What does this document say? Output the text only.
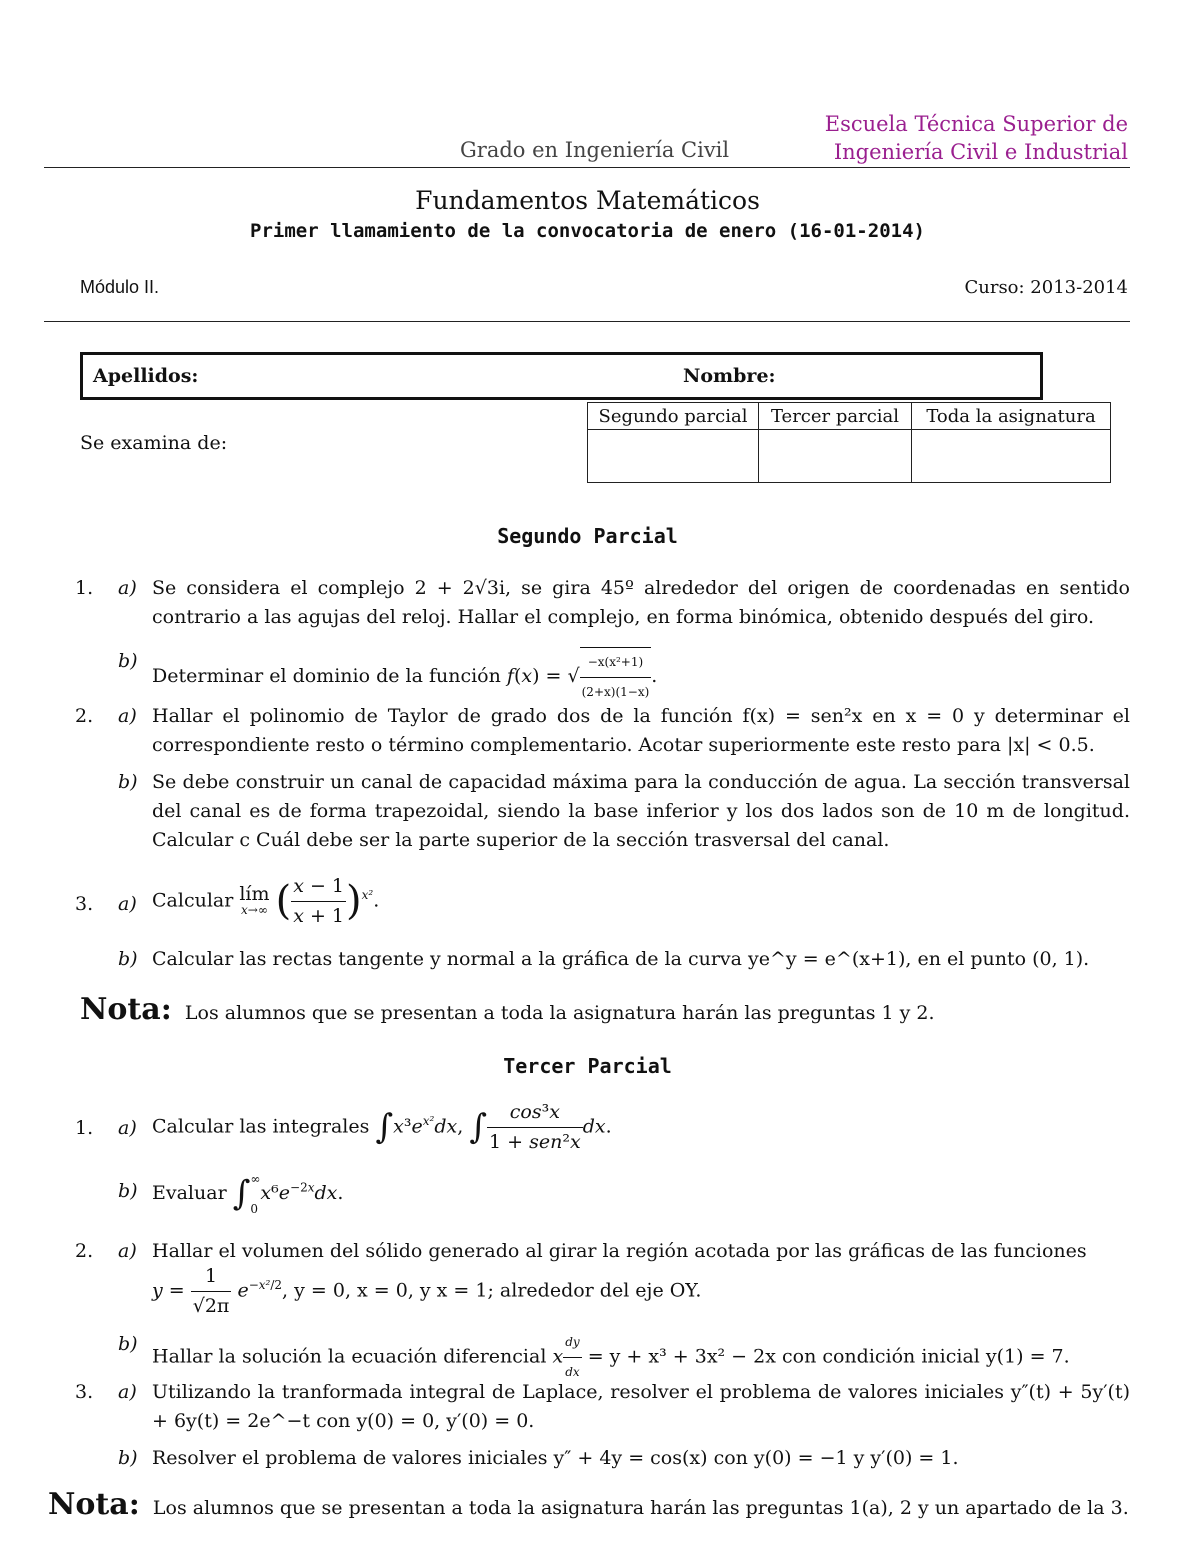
Grado en Ingeniería Civil
Escuela Técnica Superior de
Ingeniería Civil e Industrial
Fundamentos Matemáticos
Primer llamamiento de la convocatoria de enero (16-01-2014)
Módulo II.	Curso: 2013-2014
Apellidos:	Nombre:
Se examina de:
Segundo parcial	Tercer parcial	Toda la asignatura

Segundo Parcial
1. a) Se considera el complejo 2 + 2√3i, se gira 45º alrededor del origen de coordenadas en sentido contrario a las agujas del reloj. Hallar el complejo, en forma binómica, obtenido después del giro.
b)
Determinar el dominio de la función f(x) = √ $\frac{\text{−x(x²+1)}}{(2+x)(1-x)}$ .
2. a) Hallar el polinomio de Taylor de grado dos de la función f(x) = sen²x en x = 0 y determinar el correspondiente resto o término complementario. Acotar superiormente este resto para |x| < 0.5.
b) Se debe construir un canal de capacidad máxima para la conducción de agua. La sección transversal del canal es de forma trapezoidal, siendo la base inferior y los dos lados son de 10 m de longitud. Calcular c Cuál debe ser la parte superior de la sección trasversal del canal.
3. a) Calcular lím
x→∞ ( $\frac{x - 1}{x + 1} )^{x^2}$.
b) Calcular las rectas tangente y normal a la gráfica de la curva ye^y = e^(x+1), en el punto (0, 1).
Nota: Los alumnos que se presentan a toda la asignatura harán las preguntas 1 y 2.
Tercer Parcial
1. a) Calcular las integrales $\int x^3e^{x^2}dx$, ∫ $\frac{\text{cos³x}}{\text{1 + sen²x}}$ dx.
b) Evaluar ∫∞
$0x^6e^{-2x}dx$.
2. a) Hallar el volumen del sólido generado al girar la región acotada por las gráficas de las funciones
$y = \frac{1}{√2\pi} e^{-x^2/2}$, y = 0, x = 0, y x = 1; alrededor del eje OY.
b)
Hallar la solución la ecuación diferencial x $\frac{dy}{dx} = y + x^3 + 3x^2 - 2x$ con condición inicial y(1) = 7.
3. a) Utilizando la tranformada integral de Laplace, resolver el problema de valores iniciales y″(t) + 5y′(t) + 6y(t) = 2e^−t con y(0) = 0, y′(0) = 0.
b) Resolver el problema de valores iniciales y″ + 4y = cos(x) con y(0) = −1 y y′(0) = 1.
Nota: Los alumnos que se presentan a toda la asignatura harán las preguntas 1(a), 2 y un apartado de la 3.
